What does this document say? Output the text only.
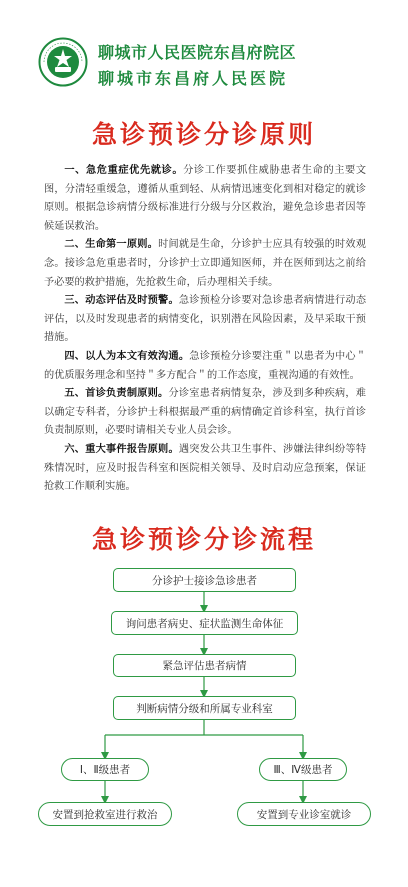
聊城市人民医院东昌府院区
聊城市东昌府人民医院
急诊预诊分诊原则

一、急危重症优先就诊。分诊工作要抓住威胁患者生命的主要文图，分清轻重缓急，遵循从重到轻、从病情迅速变化到相对稳定的就诊原则。根据急诊病情分级标准进行分级与分区救治，避免急诊患者因等候延误救治。

二、生命第一原则。时间就是生命，分诊护士应具有较强的时效观念。接诊急危重患者时，分诊护士立即通知医师，并在医师到达之前给予必要的救护措施，先抢救生命，后办理相关手续。

三、动态评估及时预警。急诊预检分诊要对急诊患者病情进行动态评估，以及时发现患者的病情变化，识别潜在风险因素，及早采取干预措施。

四、以人为本文有效沟通。急诊预检分诊要注重＂以患者为中心＂的优质服务理念和坚持＂多方配合＂的工作态度，重视沟通的有效性。

五、首诊负责制原则。分诊室患者病情复杂，涉及到多种疾病，难以确定专科者，分诊护士科根据最严重的病情确定首诊科室，执行首诊负责制原则，必要时请相关专业人员会诊。

六、重大事件报告原则。遇突发公共卫生事件、涉嫌法律纠纷等特殊情况时，应及时报告科室和医院相关领导、及时启动应急预案，保证抢救工作顺利实施。

急诊预诊分诊流程
分诊护士接诊急诊患者
询问患者病史、症状监测生命体征
紧急评估患者病情
判断病情分级和所属专业科室
Ⅰ、Ⅱ级患者	Ⅲ、Ⅳ级患者
安置到抢救室进行救治	安置到专业诊室就诊
